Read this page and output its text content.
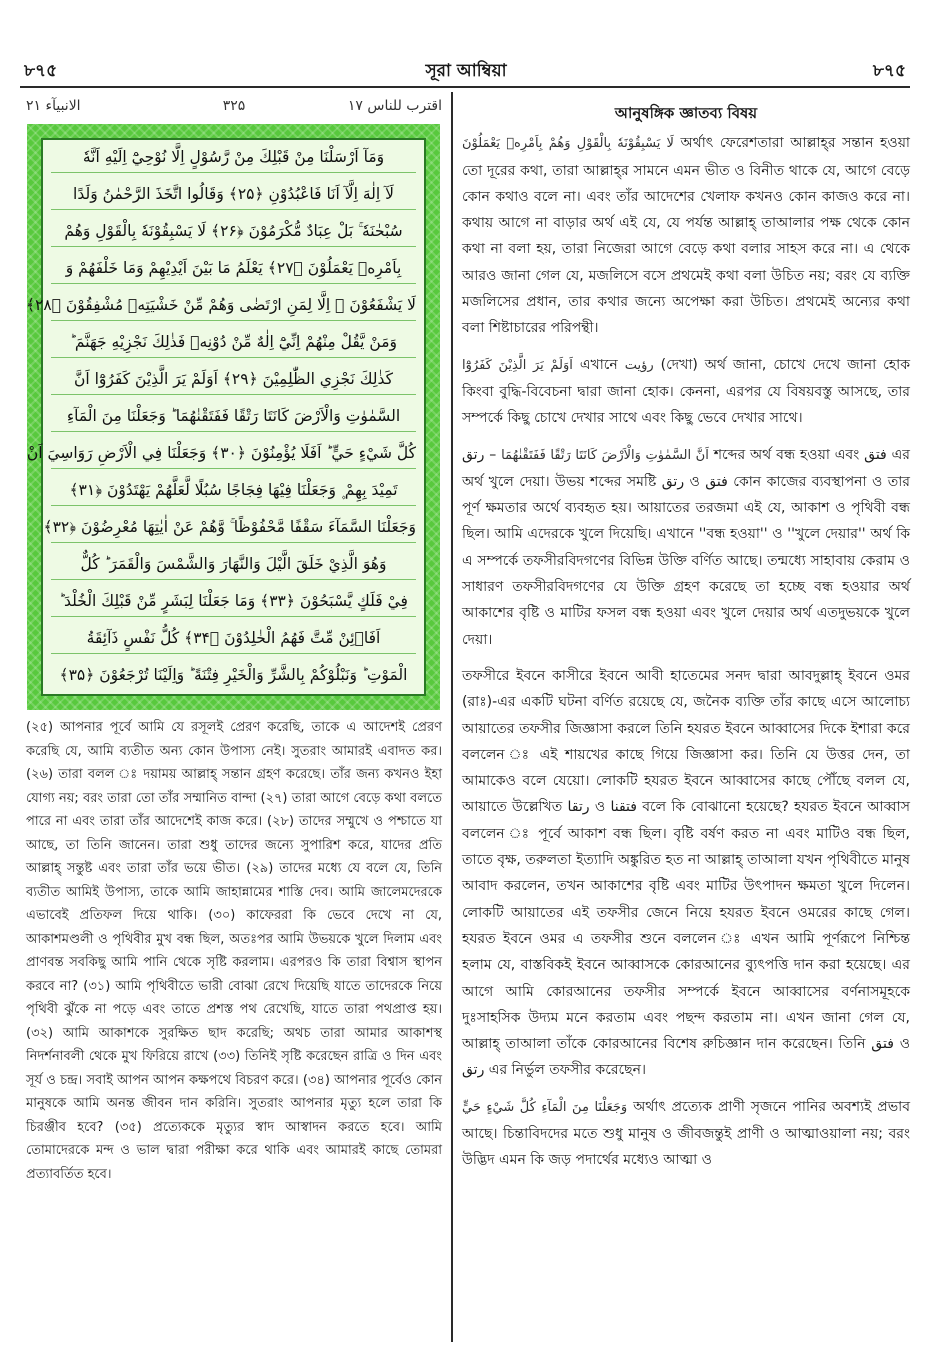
৮৭৫	সূরা আম্বিয়া	৮৭৫
الانبيآء ۲۱	۳۲۵	اقترب للناس ۱۷
وَمَآ اَرْسَلْنَا مِنْ قَبْلِكَ مِنْ رَّسُوْلٍ اِلَّا نُوْحِيْٓ اِلَيْهِ اَنَّهٗ
لَآ اِلٰهَ اِلَّآ اَنَا فَاعْبُدُوْنِ ﴿۲۵﴾ وَقَالُوا اتَّخَذَ الرَّحْمٰنُ وَلَدًا
سُبْحٰنَهٗ ۚ بَلْ عِبَادٌ مُّكْرَمُوْنَ ﴿۲۶﴾ لَا يَسْبِقُوْنَهٗ بِالْقَوْلِ وَهُمْ
بِاَمْرِهٖ يَعْمَلُوْنَ ﴿۲۷﴾ يَعْلَمُ مَا بَيْنَ اَيْدِيْهِمْ وَمَا خَلْفَهُمْ وَ
لَا يَشْفَعُوْنَ ۙ اِلَّا لِمَنِ ارْتَضٰى وَهُمْ مِّنْ خَشْيَتِهٖ مُشْفِقُوْنَ ﴿۲۸﴾
وَمَنْ يَّقُلْ مِنْهُمْ اِنِّيْٓ اِلٰهٌ مِّنْ دُوْنِهٖ فَذٰلِكَ نَجْزِيْهِ جَهَنَّمَ ؕ
كَذٰلِكَ نَجْزِي الظّٰلِمِيْنَ ﴿۲۹﴾ اَوَلَمْ يَرَ الَّذِيْنَ كَفَرُوْٓا اَنَّ
السَّمٰوٰتِ وَالْاَرْضَ كَانَتَا رَتْقًا فَفَتَقْنٰهُمَا ؕ وَجَعَلْنَا مِنَ الْمَآءِ
كُلَّ شَيْءٍ حَيٍّ ؕ اَفَلَا يُؤْمِنُوْنَ ﴿۳۰﴾ وَجَعَلْنَا فِي الْاَرْضِ رَوَاسِيَ اَنْ
تَمِيْدَ بِهِمْ ۪ وَجَعَلْنَا فِيْهَا فِجَاجًا سُبُلًا لَّعَلَّهُمْ يَهْتَدُوْنَ ﴿۳۱﴾
وَجَعَلْنَا السَّمَآءَ سَقْفًا مَّحْفُوْظًا ۚ وَّهُمْ عَنْ اٰيٰتِهَا مُعْرِضُوْنَ ﴿۳۲﴾
وَهُوَ الَّذِيْ خَلَقَ الَّيْلَ وَالنَّهَارَ وَالشَّمْسَ وَالْقَمَرَ ؕ كُلٌّ
فِيْ فَلَكٍ يَّسْبَحُوْنَ ﴿۳۳﴾ وَمَا جَعَلْنَا لِبَشَرٍ مِّنْ قَبْلِكَ الْخُلْدَ ؕ
اَفَاۡئِنْ مِّتَّ فَهُمُ الْخٰلِدُوْنَ ﴿۳۴﴾ كُلُّ نَفْسٍ ذَآئِقَةُ
الْمَوْتِ ؕ وَنَبْلُوْكُمْ بِالشَّرِّ وَالْخَيْرِ فِتْنَةً ؕ وَاِلَيْنَا تُرْجَعُوْنَ ﴿۳۵﴾
(২৫) আপনার পূর্বে আমি যে রসূলই প্রেরণ করেছি, তাকে এ আদেশই প্রেরণ করেছি যে, আমি ব্যতীত অন্য কোন উপাস্য নেই। সুতরাং আমারই এবাদত কর। (২৬) তারা বলল ঃ দয়াময় আল্লাহ্ সন্তান গ্রহণ করেছে। তাঁর জন্য কখনও ইহা যোগ্য নয়; বরং তারা তো তাঁর সম্মানিত বান্দা (২৭) তারা আগে বেড়ে কথা বলতে পারে না এবং তারা তাঁর আদেশেই কাজ করে। (২৮) তাদের সম্মুখে ও পশ্চাতে যা আছে, তা তিনি জানেন। তারা শুধু তাদের জন্যে সুপারিশ করে, যাদের প্রতি আল্লাহ্ সন্তুষ্ট এবং তারা তাঁর ভয়ে ভীত। (২৯) তাদের মধ্যে যে বলে যে, তিনি ব্যতীত আমিই উপাস্য, তাকে আমি জাহান্নামের শাস্তি দেব। আমি জালেমদেরকে এভাবেই প্রতিফল দিয়ে থাকি। (৩০) কাফেররা কি ভেবে দেখে না যে, আকাশমণ্ডলী ও পৃথিবীর মুখ বন্ধ ছিল, অতঃপর আমি উভয়কে খুলে দিলাম এবং প্রাণবন্ত সবকিছু আমি পানি থেকে সৃষ্টি করলাম। এরপরও কি তারা বিশ্বাস স্থাপন করবে না? (৩১) আমি পৃথিবীতে ভারী বোঝা রেখে দিয়েছি যাতে তাদেরকে নিয়ে পৃথিবী ঝুঁকে না পড়ে এবং তাতে প্রশস্ত পথ রেখেছি, যাতে তারা পথপ্রাপ্ত হয়। (৩২) আমি আকাশকে সুরক্ষিত ছাদ করেছি; অথচ তারা আমার আকাশস্থ নিদর্শনাবলী থেকে মুখ ফিরিয়ে রাখে (৩৩) তিনিই সৃষ্টি করেছেন রাত্রি ও দিন এবং সূর্য ও চন্দ্র। সবাই আপন আপন কক্ষপথে বিচরণ করে। (৩৪) আপনার পূর্বেও কোন মানুষকে আমি অনন্ত জীবন দান করিনি। সুতরাং আপনার মৃত্যু হলে তারা কি চিরঞ্জীব হবে? (৩৫) প্রত্যেককে মৃত্যুর স্বাদ আস্বাদন করতে হবে। আমি তোমাদেরকে মন্দ ও ভাল দ্বারা পরীক্ষা করে থাকি এবং আমারই কাছে তোমরা প্রত্যাবর্তিত হবে।

আনুষঙ্গিক জ্ঞাতব্য বিষয়

لَا يَسْبِقُوْنَهٗ بِالْقَوْلِ وَهُمْ بِاَمْرِهٖ يَعْمَلُوْنَ অর্থাৎ ফেরেশতারা আল্লাহ্‌র সন্তান হওয়া তো দূরের কথা, তারা আল্লাহ্‌র সামনে এমন ভীত ও বিনীত থাকে যে, আগে বেড়ে কোন কথাও বলে না। এবং তাঁর আদেশের খেলাফ কখনও কোন কাজও করে না। কথায় আগে না বাড়ার অর্থ এই যে, যে পর্যন্ত আল্লাহ্ তাআলার পক্ষ থেকে কোন কথা না বলা হয়, তারা নিজেরা আগে বেড়ে কথা বলার সাহস করে না। এ থেকে আরও জানা গেল যে, মজলিসে বসে প্রথমেই কথা বলা উচিত নয়; বরং যে ব্যক্তি মজলিসের প্রধান, তার কথার জন্যে অপেক্ষা করা উচিত। প্রথমেই অন্যের কথা বলা শিষ্টাচারের পরিপন্থী।

اَوَلَمْ يَرَ الَّذِيْنَ كَفَرُوْٓا এখানে رؤيت (দেখা) অর্থ জানা, চোখে দেখে জানা হোক কিংবা বুদ্ধি-বিবেচনা দ্বারা জানা হোক। কেননা, এরপর যে বিষয়বস্তু আসছে, তার সম্পর্কে কিছু চোখে দেখার সাথে এবং কিছু ভেবে দেখার সাথে।

اَنَّ السَّمٰوٰتِ وَالْاَرْضَ كَانَتَا رَتْقًا فَفَتَقْنٰهُمَا – رتق শব্দের অর্থ বন্ধ হওয়া এবং فتق এর অর্থ খুলে দেয়া। উভয় শব্দের সমষ্টি رتق ও فتق কোন কাজের ব্যবস্থাপনা ও তার পূর্ণ ক্ষমতার অর্থে ব্যবহৃত হয়। আয়াতের তরজমা এই যে, আকাশ ও পৃথিবী বন্ধ ছিল। আমি এদেরকে খুলে দিয়েছি। এখানে ''বন্ধ হওয়া'' ও ''খুলে দেয়ার'' অর্থ কি এ সম্পর্কে তফসীরবিদগণের বিভিন্ন উক্তি বর্ণিত আছে। তন্মধ্যে সাহাবায় কেরাম ও সাধারণ তফসীরবিদগণের যে উক্তি গ্রহণ করেছে তা হচ্ছে বন্ধ হওয়ার অর্থ আকাশের বৃষ্টি ও মাটির ফসল বন্ধ হওয়া এবং খুলে দেয়ার অর্থ এতদুভয়কে খুলে দেয়া।

তফসীরে ইবনে কাসীরে ইবনে আবী হাতেমের সনদ দ্বারা আবদুল্লাহ্ ইবনে ওমর (রাঃ)-এর একটি ঘটনা বর্ণিত রয়েছে যে, জনৈক ব্যক্তি তাঁর কাছে এসে আলোচ্য আয়াতের তফসীর জিজ্ঞাসা করলে তিনি হযরত ইবনে আব্বাসের দিকে ইশারা করে বললেন ঃ এই শায়খের কাছে গিয়ে জিজ্ঞাসা কর। তিনি যে উত্তর দেন, তা আমাকেও বলে যেয়ো। লোকটি হযরত ইবনে আব্বাসের কাছে পৌঁছে বলল যে, আয়াতে উল্লেখিত رتقا ও فتقنا বলে কি বোঝানো হয়েছে? হযরত ইবনে আব্বাস বললেন ঃ পূর্বে আকাশ বন্ধ ছিল। বৃষ্টি বর্ষণ করত না এবং মাটিও বন্ধ ছিল, তাতে বৃক্ষ, তরুলতা ইত্যাদি অঙ্কুরিত হত না আল্লাহ্ তাআলা যখন পৃথিবীতে মানুষ আবাদ করলেন, তখন আকাশের বৃষ্টি এবং মাটির উৎপাদন ক্ষমতা খুলে দিলেন। লোকটি আয়াতের এই তফসীর জেনে নিয়ে হযরত ইবনে ওমরের কাছে গেল। হযরত ইবনে ওমর এ তফসীর শুনে বললেন ঃ এখন আমি পূর্ণরূপে নিশ্চিন্ত হলাম যে, বাস্তবিকই ইবনে আব্বাসকে কোরআনের ব্যুৎপত্তি দান করা হয়েছে। এর আগে আমি কোরআনের তফসীর সম্পর্কে ইবনে আব্বাসের বর্ণনাসমূহকে দুঃসাহসিক উদ্যম মনে করতাম এবং পছন্দ করতাম না। এখন জানা গেল যে, আল্লাহ্ তাআলা তাঁকে কোরআনের বিশেষ রুচিজ্ঞান দান করেছেন। তিনি فتق ও رتق এর নির্ভুল তফসীর করেছেন।

وَجَعَلْنَا مِنَ الْمَآءِ كُلَّ شَيْءٍ حَيٍّ অর্থাৎ প্রত্যেক প্রাণী সৃজনে পানির অবশ্যই প্রভাব আছে। চিন্তাবিদদের মতে শুধু মানুষ ও জীবজন্তুই প্রাণী ও আত্মাওয়ালা নয়; বরং উদ্ভিদ এমন কি জড় পদার্থের মধ্যেও আত্মা ও
